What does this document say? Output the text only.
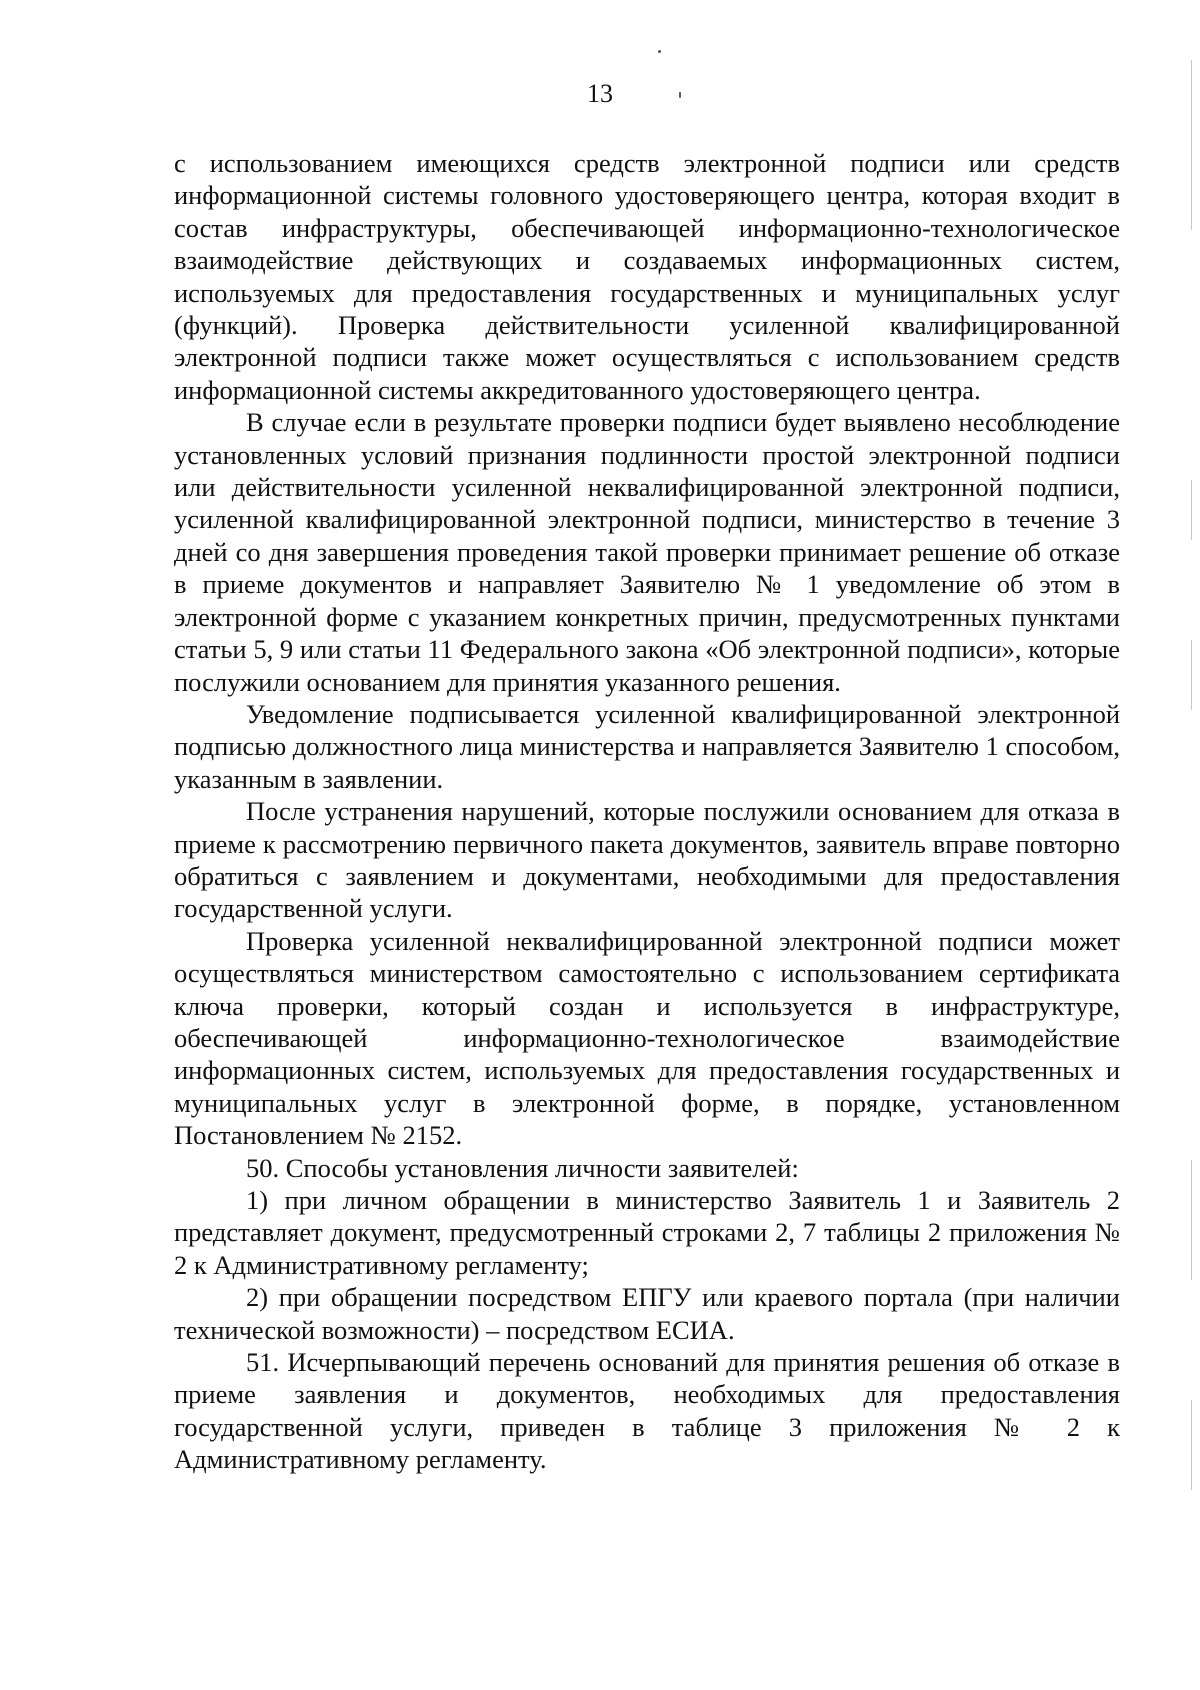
13

с использованием имеющихся средств электронной подписи или средств информационной системы головного удостоверяющего центра, которая входит в состав инфраструктуры, обеспечивающей информационно-технологическое взаимодействие действующих и создаваемых информационных систем, используемых для предоставления государственных и муниципальных услуг (функций). Проверка действительности усиленной квалифицированной электронной подписи также может осуществляться с использованием средств информационной системы аккредитованного удостоверяющего центра.

В случае если в результате проверки подписи будет выявлено несоблюдение установленных условий признания подлинности простой электронной подписи или действительности усиленной неквалифицированной электронной подписи, усиленной квалифицированной электронной подписи, министерство в течение 3 дней со дня завершения проведения такой проверки принимает решение об отказе в приеме документов и направляет Заявителю № 1 уведомление об этом в электронной форме с указанием конкретных причин, предусмотренных пунктами статьи 5, 9 или статьи 11 Федерального закона «Об электронной подписи», которые послужили основанием для принятия указанного решения.

Уведомление подписывается усиленной квалифицированной электронной подписью должностного лица министерства и направляется Заявителю 1 способом, указанным в заявлении.

После устранения нарушений, которые послужили основанием для отказа в приеме к рассмотрению первичного пакета документов, заявитель вправе повторно обратиться с заявлением и документами, необходимыми для предоставления государственной услуги.

Проверка усиленной неквалифицированной электронной подписи может осуществляться министерством самостоятельно с использованием сертификата ключа проверки, который создан и используется в инфраструктуре, обеспечивающей информационно-технологическое взаимодействие информационных систем, используемых для предоставления государственных и муниципальных услуг в электронной форме, в порядке, установленном Постановлением № 2152.

50. Способы установления личности заявителей:

1) при личном обращении в министерство Заявитель 1 и Заявитель 2 представляет документ, предусмотренный строками 2, 7 таблицы 2 приложения № 2 к Административному регламенту;

2) при обращении посредством ЕПГУ или краевого портала (при наличии технической возможности) – посредством ЕСИА.

51. Исчерпывающий перечень оснований для принятия решения об отказе в приеме заявления и документов, необходимых для предоставления государственной услуги, приведен в таблице 3 приложения № 2 к Административному регламенту.
